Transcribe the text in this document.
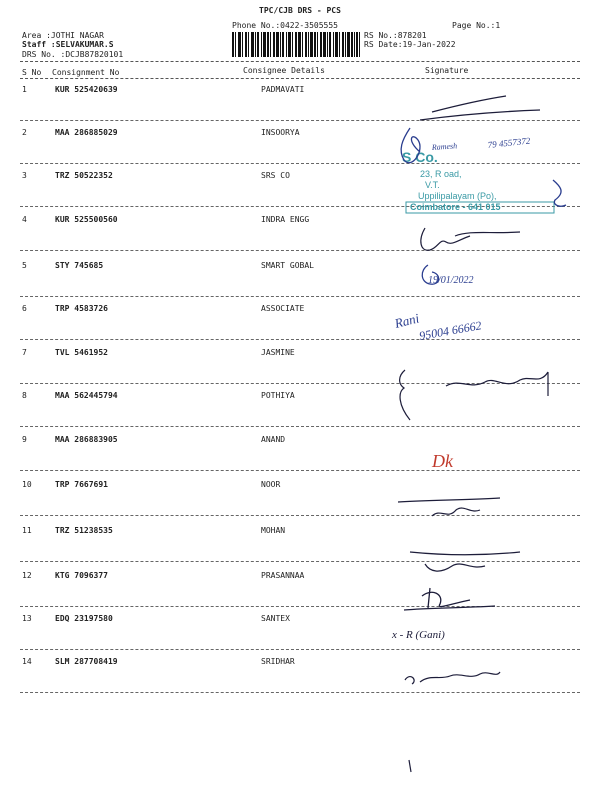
TPC/CJB DRS - PCS
Phone No.:0422-3505555	Page No.:1
Area :JOTHI NAGAR
Staff :SELVAKUMAR.S
DRS No. :DCJB87820101
RS No.:878201
RS Date:19-Jan-2022
S No Consignment No	Consignee Details	Signature
1	KUR 525420639	PADMAVATI
2	MAA 286885029	INSOORYA
3	TRZ 50522352	SRS CO
4	KUR 525500560	INDRA ENGG
5	STY 745685	SMART GOBAL
6	TRP 4583726	ASSOCIATE
7	TVL 5461952	JASMINE
8	MAA 562445794	POTHIYA
9	MAA 286883905	ANAND
10	TRP 7667691	NOOR
11	TRZ 51238535	MOHAN
12	KTG 7096377	PRASANNAA
13	EDQ 23197580	SANTEX
14	SLM 287708419	SRIDHAR
S Co.
23, R oad,
V.T.
Uppilipalayam (Po),
Coimbatore - 641 015
Ramesh	79 4557372
19/01/2022
Rani
95004 66662
Dk
x - R (Gani)
